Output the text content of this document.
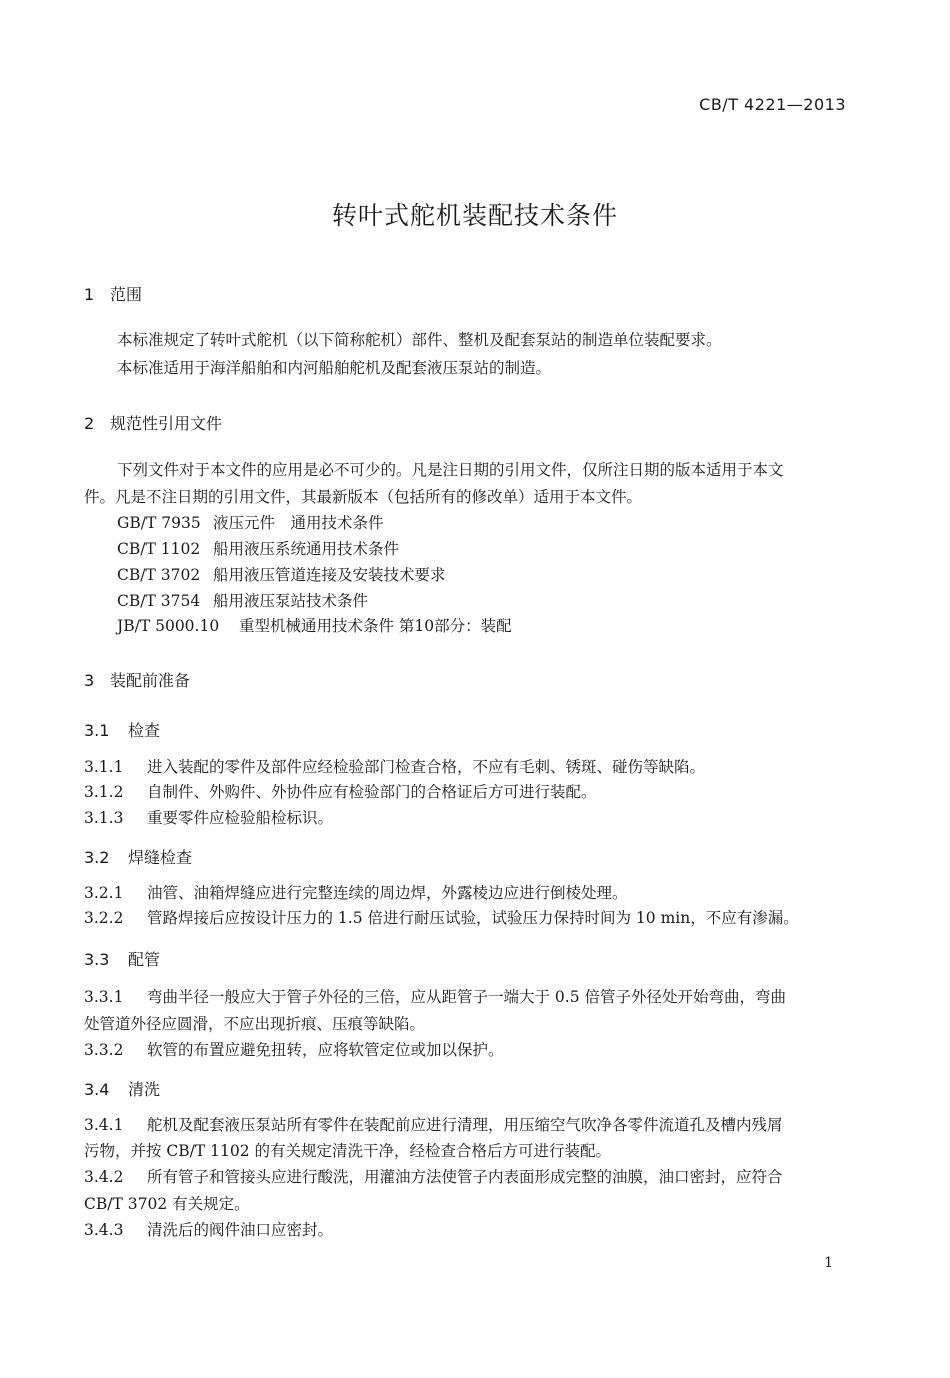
CB/T 4221—2013
转叶式舵机装配技术条件
1 范围
本标准规定了转叶式舵机（以下简称舵机）部件、整机及配套泵站的制造单位装配要求。
本标准适用于海洋船舶和内河船舶舵机及配套液压泵站的制造。
2 规范性引用文件
下列文件对于本文件的应用是必不可少的。凡是注日期的引用文件，仅所注日期的版本适用于本文
件。凡是不注日期的引用文件，其最新版本（包括所有的修改单）适用于本文件。
GB/T 7935 液压元件　通用技术条件
CB/T 1102 船用液压系统通用技术条件
CB/T 3702 船用液压管道连接及安装技术要求
CB/T 3754 船用液压泵站技术条件
JB/T 5000.10 重型机械通用技术条件 第10部分：装配
3 装配前准备
3.1 检查
3.1.1 进入装配的零件及部件应经检验部门检查合格，不应有毛刺、锈斑、碰伤等缺陷。
3.1.2 自制件、外购件、外协件应有检验部门的合格证后方可进行装配。
3.1.3 重要零件应检验船检标识。
3.2 焊缝检查
3.2.1 油管、油箱焊缝应进行完整连续的周边焊，外露棱边应进行倒棱处理。
3.2.2 管路焊接后应按设计压力的 1.5 倍进行耐压试验，试验压力保持时间为 10 min，不应有渗漏。
3.3 配管
3.3.1 弯曲半径一般应大于管子外径的三倍，应从距管子一端大于 0.5 倍管子外径处开始弯曲，弯曲
处管道外径应圆滑，不应出现折痕、压痕等缺陷。
3.3.2 软管的布置应避免扭转，应将软管定位或加以保护。
3.4 清洗
3.4.1 舵机及配套液压泵站所有零件在装配前应进行清理，用压缩空气吹净各零件流道孔及槽内残屑
污物，并按 CB/T 1102 的有关规定清洗干净，经检查合格后方可进行装配。
3.4.2 所有管子和管接头应进行酸洗，用灌油方法使管子内表面形成完整的油膜，油口密封，应符合
CB/T 3702 有关规定。
3.4.3 清洗后的阀件油口应密封。
1
